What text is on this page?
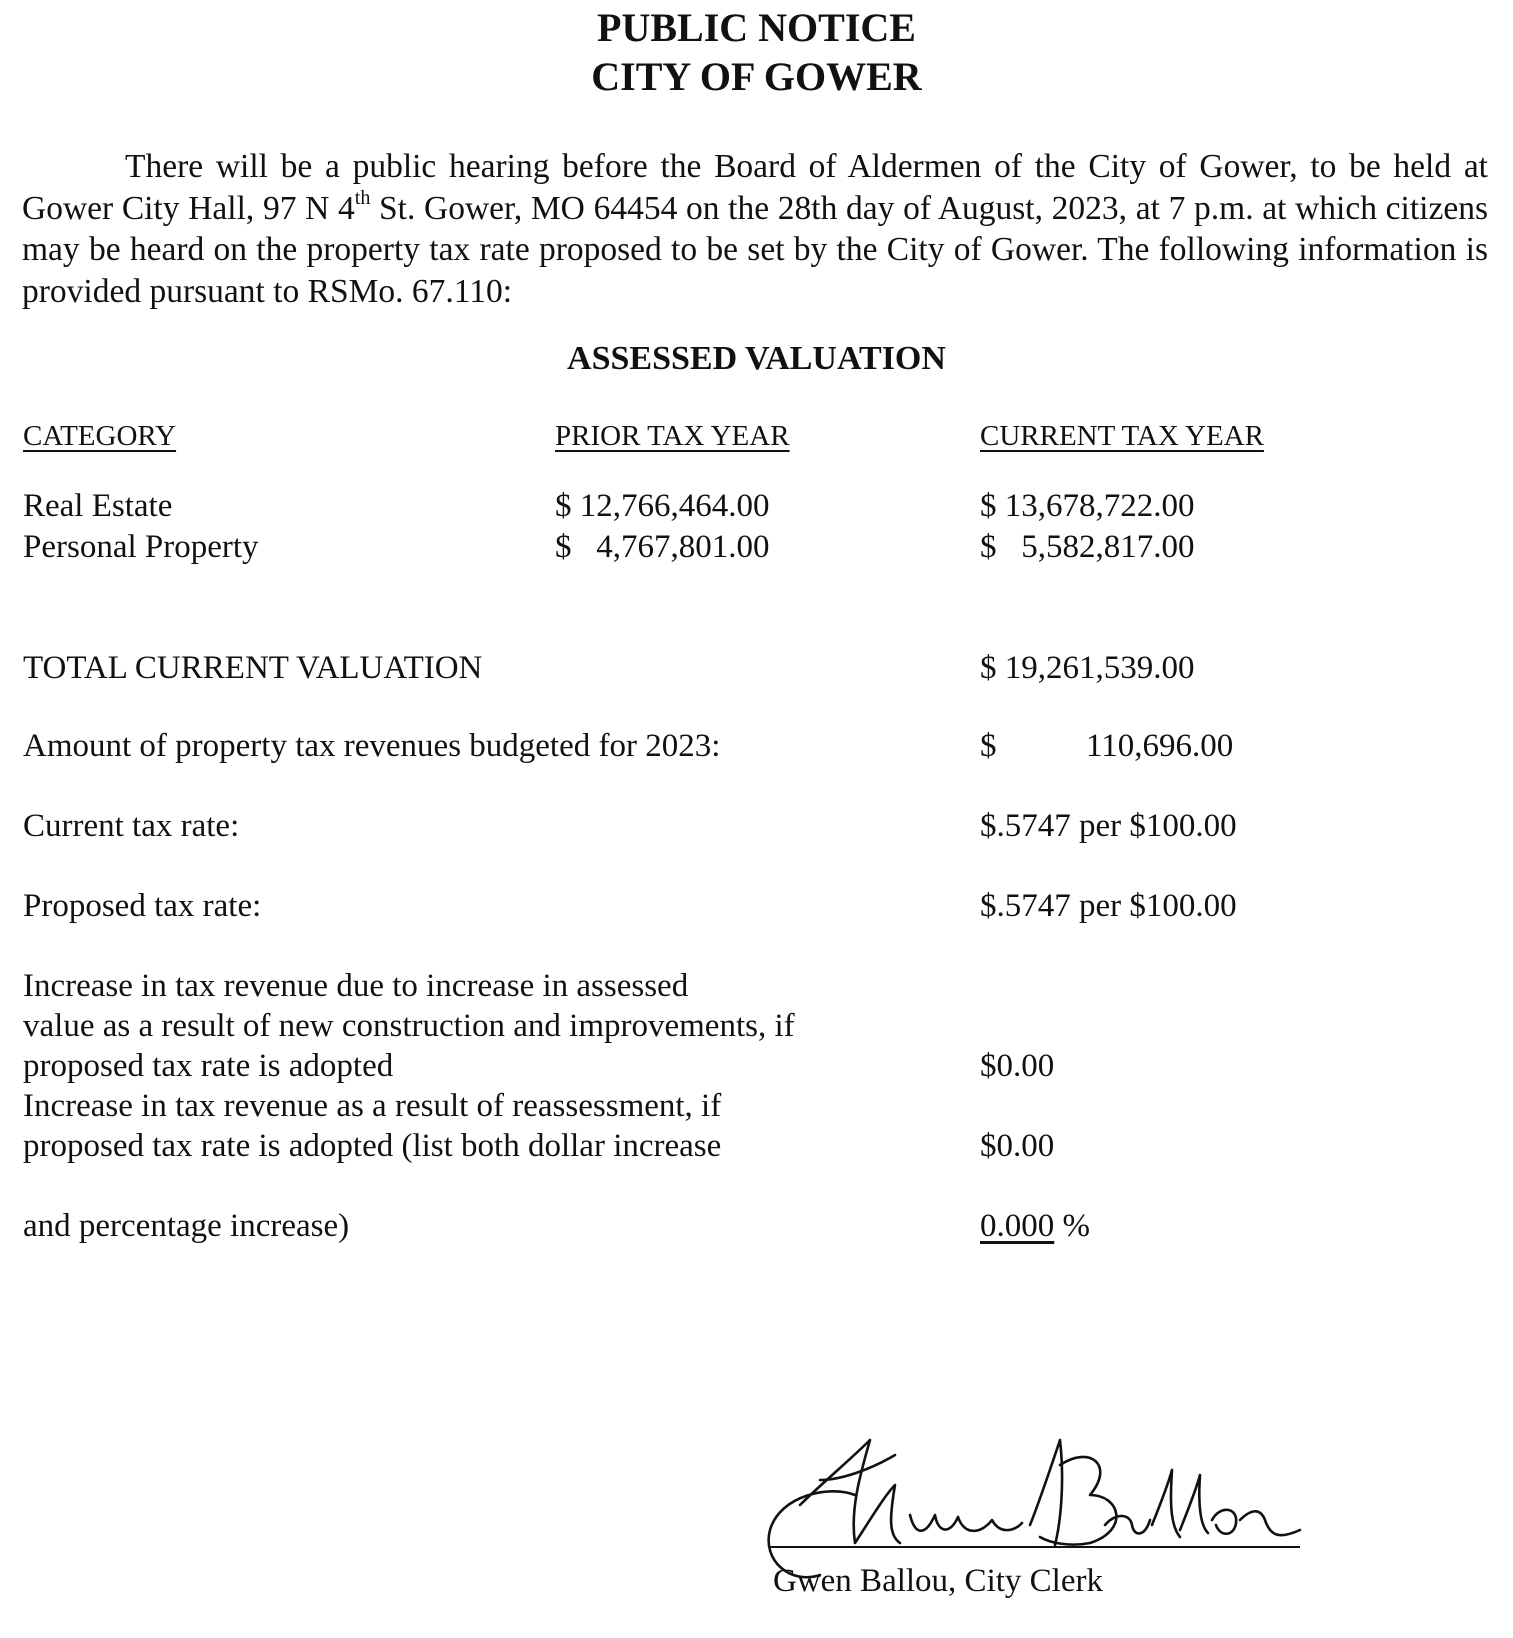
PUBLIC NOTICE
CITY OF GOWER
There will be a public hearing before the Board of Aldermen of the City of Gower, to be held at Gower City Hall, 97 N 4th St. Gower, MO 64454 on the 28th day of August, 2023, at 7 p.m. at which citizens may be heard on the property tax rate proposed to be set by the City of Gower. The following information is provided pursuant to RSMo. 67.110:
ASSESSED VALUATION
CATEGORY	PRIOR TAX YEAR	CURRENT TAX YEAR
Real Estate	$ 12,766,464.00	$ 13,678,722.00
Personal Property	$   4,767,801.00	$   5,582,817.00
TOTAL CURRENT VALUATION	$ 19,261,539.00
Amount of property tax revenues budgeted for 2023:	$	110,696.00
Current tax rate:	$.5747 per $100.00
Proposed tax rate:	$.5747 per $100.00
Increase in tax revenue due to increase in assessed
value as a result of new construction and improvements, if
proposed tax rate is adopted	$0.00
Increase in tax revenue as a result of reassessment, if
proposed tax rate is adopted (list both dollar increase	$0.00
and percentage increase)	0.000 %
Gwen Ballou, City Clerk
